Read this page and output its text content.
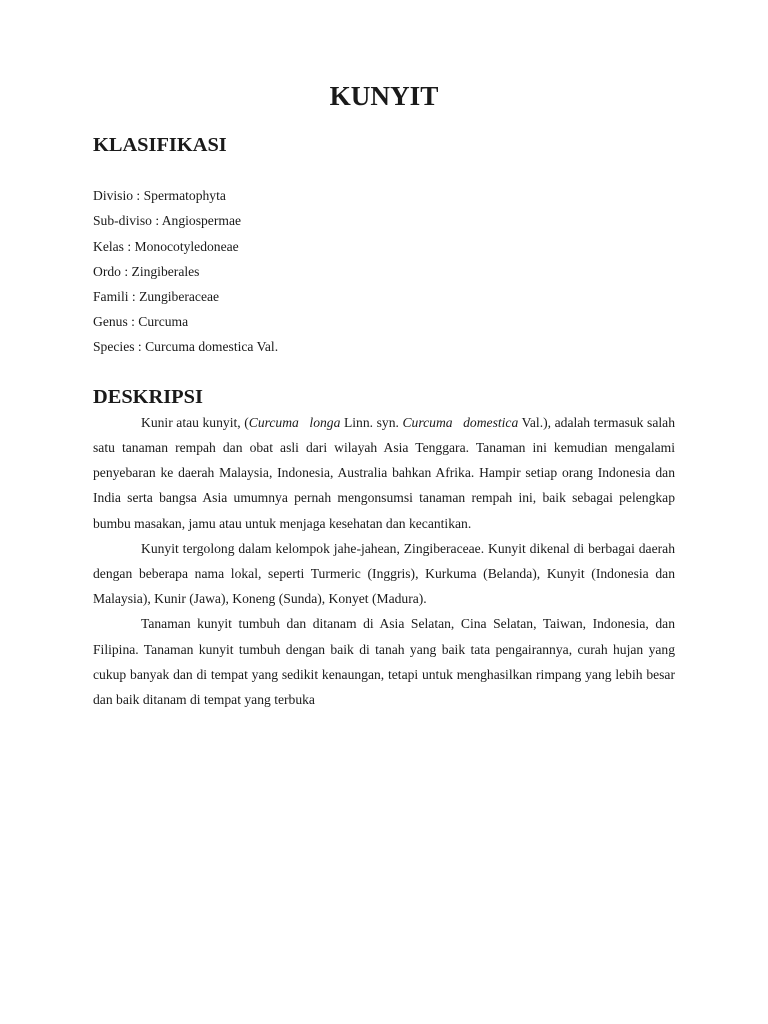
KUNYIT
KLASIFIKASI
Divisio : Spermatophyta
Sub-diviso : Angiospermae
Kelas : Monocotyledoneae
Ordo : Zingiberales
Famili : Zungiberaceae
Genus : Curcuma
Species : Curcuma domestica Val.
DESKRIPSI

Kunir atau kunyit, (Curcuma longa Linn. syn. Curcuma domestica Val.), adalah termasuk salah satu tanaman rempah dan obat asli dari wilayah Asia Tenggara. Tanaman ini kemudian mengalami penyebaran ke daerah Malaysia, Indonesia, Australia bahkan Afrika. Hampir setiap orang Indonesia dan India serta bangsa Asia umumnya pernah mengonsumsi tanaman rempah ini, baik sebagai pelengkap bumbu masakan, jamu atau untuk menjaga kesehatan dan kecantikan.

Kunyit tergolong dalam kelompok jahe-jahean, Zingiberaceae. Kunyit dikenal di berbagai daerah dengan beberapa nama lokal, seperti Turmeric (Inggris), Kurkuma (Belanda), Kunyit (Indonesia dan Malaysia), Kunir (Jawa), Koneng (Sunda), Konyet (Madura).

Tanaman kunyit tumbuh dan ditanam di Asia Selatan, Cina Selatan, Taiwan, Indonesia, dan Filipina. Tanaman kunyit tumbuh dengan baik di tanah yang baik tata pengairannya, curah hujan yang cukup banyak dan di tempat yang sedikit kenaungan, tetapi untuk menghasilkan rimpang yang lebih besar dan baik ditanam di tempat yang terbuka
